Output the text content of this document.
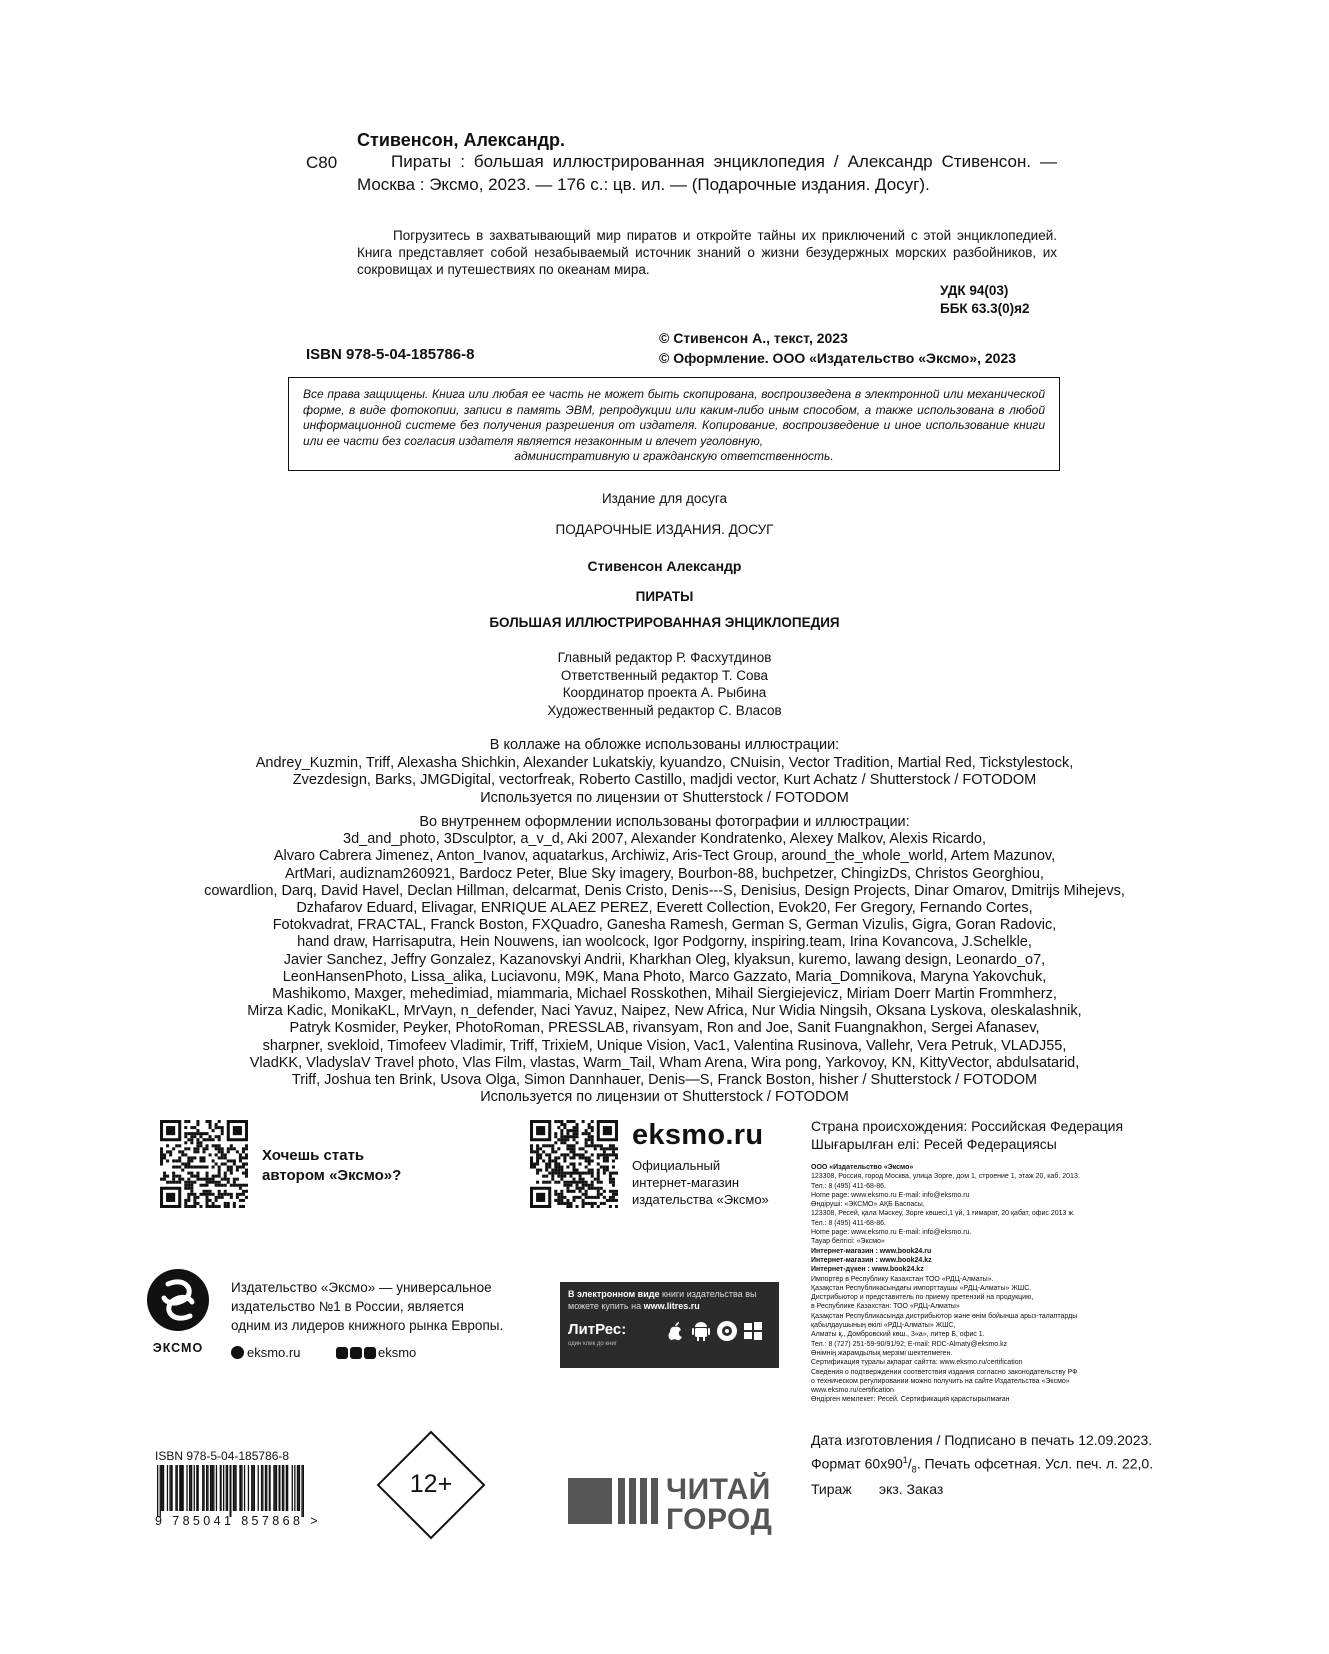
Стивенсон, Александр.
С80	Пираты : большая иллюстрированная энциклопедия / Александр Стивенсон. — Москва : Эксмо, 2023. — 176 с.: цв. ил. — (Подарочные издания. Досуг).
Погрузитесь в захватывающий мир пиратов и откройте тайны их приключений с этой энциклопедией. Книга представляет собой незабываемый источник знаний о жизни безудержных морских разбойников, их сокровищах и путешествиях по океанам мира.
УДК 94(03)
ББК 63.3(0)я2
ISBN 978-5-04-185786-8
© Стивенсон А., текст, 2023
© Оформление. ООО «Издательство «Эксмо», 2023
Все права защищены. Книга или любая ее часть не может быть скопирована, воспроизведена в электронной или механической форме, в виде фотокопии, записи в память ЭВМ, репродукции или каким-либо иным способом, а также использована в любой информационной системе без получения разрешения от издателя. Копирование, воспроизведение и иное использование книги или ее части без согласия издателя является незаконным и влечет уголовную,
административную и гражданскую ответственность.
Издание для досуга
ПОДАРОЧНЫЕ ИЗДАНИЯ. ДОСУГ
Стивенсон Александр
ПИРАТЫ
БОЛЬШАЯ ИЛЛЮСТРИРОВАННАЯ ЭНЦИКЛОПЕДИЯ
Главный редактор Р. Фасхутдинов
Ответственный редактор Т. Сова
Координатор проекта А. Рыбина
Художественный редактор С. Власов
В коллаже на обложке использованы иллюстрации:
Andrey_Kuzmin, Triff, Alexasha Shichkin, Alexander Lukatskiy, kyuandzo, CNuisin, Vector Tradition, Martial Red, Tickstylestock,
Zvezdesign, Barks, JMGDigital, vectorfreak, Roberto Castillo, madjdi vector, Kurt Achatz / Shutterstock / FOTODOM
Используется по лицензии от Shutterstock / FOTODOM
Во внутреннем оформлении использованы фотографии и иллюстрации:
3d_and_photo, 3Dsculptor, a_v_d, Aki 2007, Alexander Kondratenko, Alexey Malkov, Alexis Ricardo,
Alvaro Cabrera Jimenez, Anton_Ivanov, aquatarkus, Archiwiz, Aris-Tect Group, around_the_whole_world, Artem Mazunov,
ArtMari, audiznam260921, Bardocz Peter, Blue Sky imagery, Bourbon-88, buchpetzer, ChingizDs, Christos Georghiou,
cowardlion, Darq, David Havel, Declan Hillman, delcarmat, Denis Cristo, Denis---S, Denisius, Design Projects, Dinar Omarov, Dmitrijs Mihejevs,
Dzhafarov Eduard, Elivagar, ENRIQUE ALAEZ PEREZ, Everett Collection, Evok20, Fer Gregory, Fernando Cortes,
Fotokvadrat, FRACTAL, Franck Boston, FXQuadro, Ganesha Ramesh, German S, German Vizulis, Gigra, Goran Radovic,
hand draw, Harrisaputra, Hein Nouwens, ian woolcock, Igor Podgorny, inspiring.team, Irina Kovancova, J.Schelkle,
Javier Sanchez, Jeffry Gonzalez, Kazanovskyi Andrii, Kharkhan Oleg, klyaksun, kuremo, lawang design, Leonardo_o7,
LeonHansenPhoto, Lissa_alika, Luciavonu, M9K, Mana Photo, Marco Gazzato, Maria_Domnikova, Maryna Yakovchuk,
Mashikomo, Maxger, mehedimiad, miammaria, Michael Rosskothen, Mihail Siergiejevicz, Miriam Doerr Martin Frommherz,
Mirza Kadic, MonikaKL, MrVayn, n_defender, Naci Yavuz, Naipez, New Africa, Nur Widia Ningsih, Oksana Lyskova, oleskalashnik,
Patryk Kosmider, Peyker, PhotoRoman, PRESSLAB, rivansyam, Ron and Joe, Sanit Fuangnakhon, Sergei Afanasev,
sharpner, svekloid, Timofeev Vladimir, Triff, TrixieM, Unique Vision, Vac1, Valentina Rusinova, Vallehr, Vera Petruk, VLADJ55,
VladKK, VladyslaV Travel photo, Vlas Film, vlastas, Warm_Tail, Wham Arena, Wira pong, Yarkovoy, KN, KittyVector, abdulsatarid,
Triff, Joshua ten Brink, Usova Olga, Simon Dannhauer, Denis—S, Franck Boston, hisher / Shutterstock / FOTODOM
Используется по лицензии от Shutterstock / FOTODOM
Хочешь стать
автором «Эксмо»?
eksmo.ru
Официальный
интернет-магазин
издательства «Эксмо»
Страна происхождения: Российская Федерация
Шығарылған елі: Ресей Федерациясы
ООО «Издательство «Эксмо»
123308, Россия, город Москва, улица Зорге, дом 1, строение 1, этаж 20, каб. 2013.
Тел.: 8 (495) 411-68-86.
Home page: www.eksmo.ru E-mail: info@eksmo.ru
Өндіруші: «ЭКСМО» АҚБ Баспасы,
123308, Ресей, қала Мәскеу, Зорге көшесі,1 үй, 1 ғимарат, 20 қабат, офис 2013 ж.
Тел.: 8 (495) 411-68-86.
Home page: www.eksmo.ru E-mail: info@eksmo.ru.
Тауар белгісі: «Эксмо»
Интернет-магазин : www.book24.ru
Интернет-магазин : www.book24.kz
Интернет-дүкен : www.book24.kz
Импортёр в Республику Казахстан ТОО «РДЦ-Алматы».
Қазақстан Республикасындағы импорттаушы «РДЦ-Алматы» ЖШС.
Дистрибьютор и представитель по приему претензий на продукцию,
в Республике Казахстан: ТОО «РДЦ-Алматы»
Қазақстан Республикасында дистрибьютор және өнім бойынша арыз-талаптарды
қабылдаушының өкілі «РДЦ-Алматы» ЖШС,
Алматы қ., Домбровский көш., 3«а», литер Б, офис 1.
Тел.: 8 (727) 251-59-90/91/92; E-mail: RDC-Almaty@eksmo.kz
Өнімнің жарамдылық мерзімі шектелмеген.
Сертификация туралы ақпарат сайтта: www.eksmo.ru/certification
Сведения о подтверждении соответствия издания согласно законодательству РФ
о техническом регулировании можно получить на сайте Издательства «Эксмо»
www.eksmo.ru/certification
Өндірген мемлекет: Ресей. Сертификация қарастырылмаған
ЭКСМО
Издательство «Эксмо» — универсальное
издательство №1 в России, является
одним из лидеров книжного рынка Европы.
eksmo.ru	eksmo
В электронном виде книги издательства вы можете купить на www.litres.ru
ЛитРес:
один клик до книг
ISBN 978-5-04-185786-8
9 785041 857868 >
12+	ЧИТАЙ
ГОРОД
Дата изготовления / Подписано в печать 12.09.2023.
Формат $60х90^1/_8$. Печать офсетная. Усл. печ. л. 22,0.
Тираж       экз. Заказ
